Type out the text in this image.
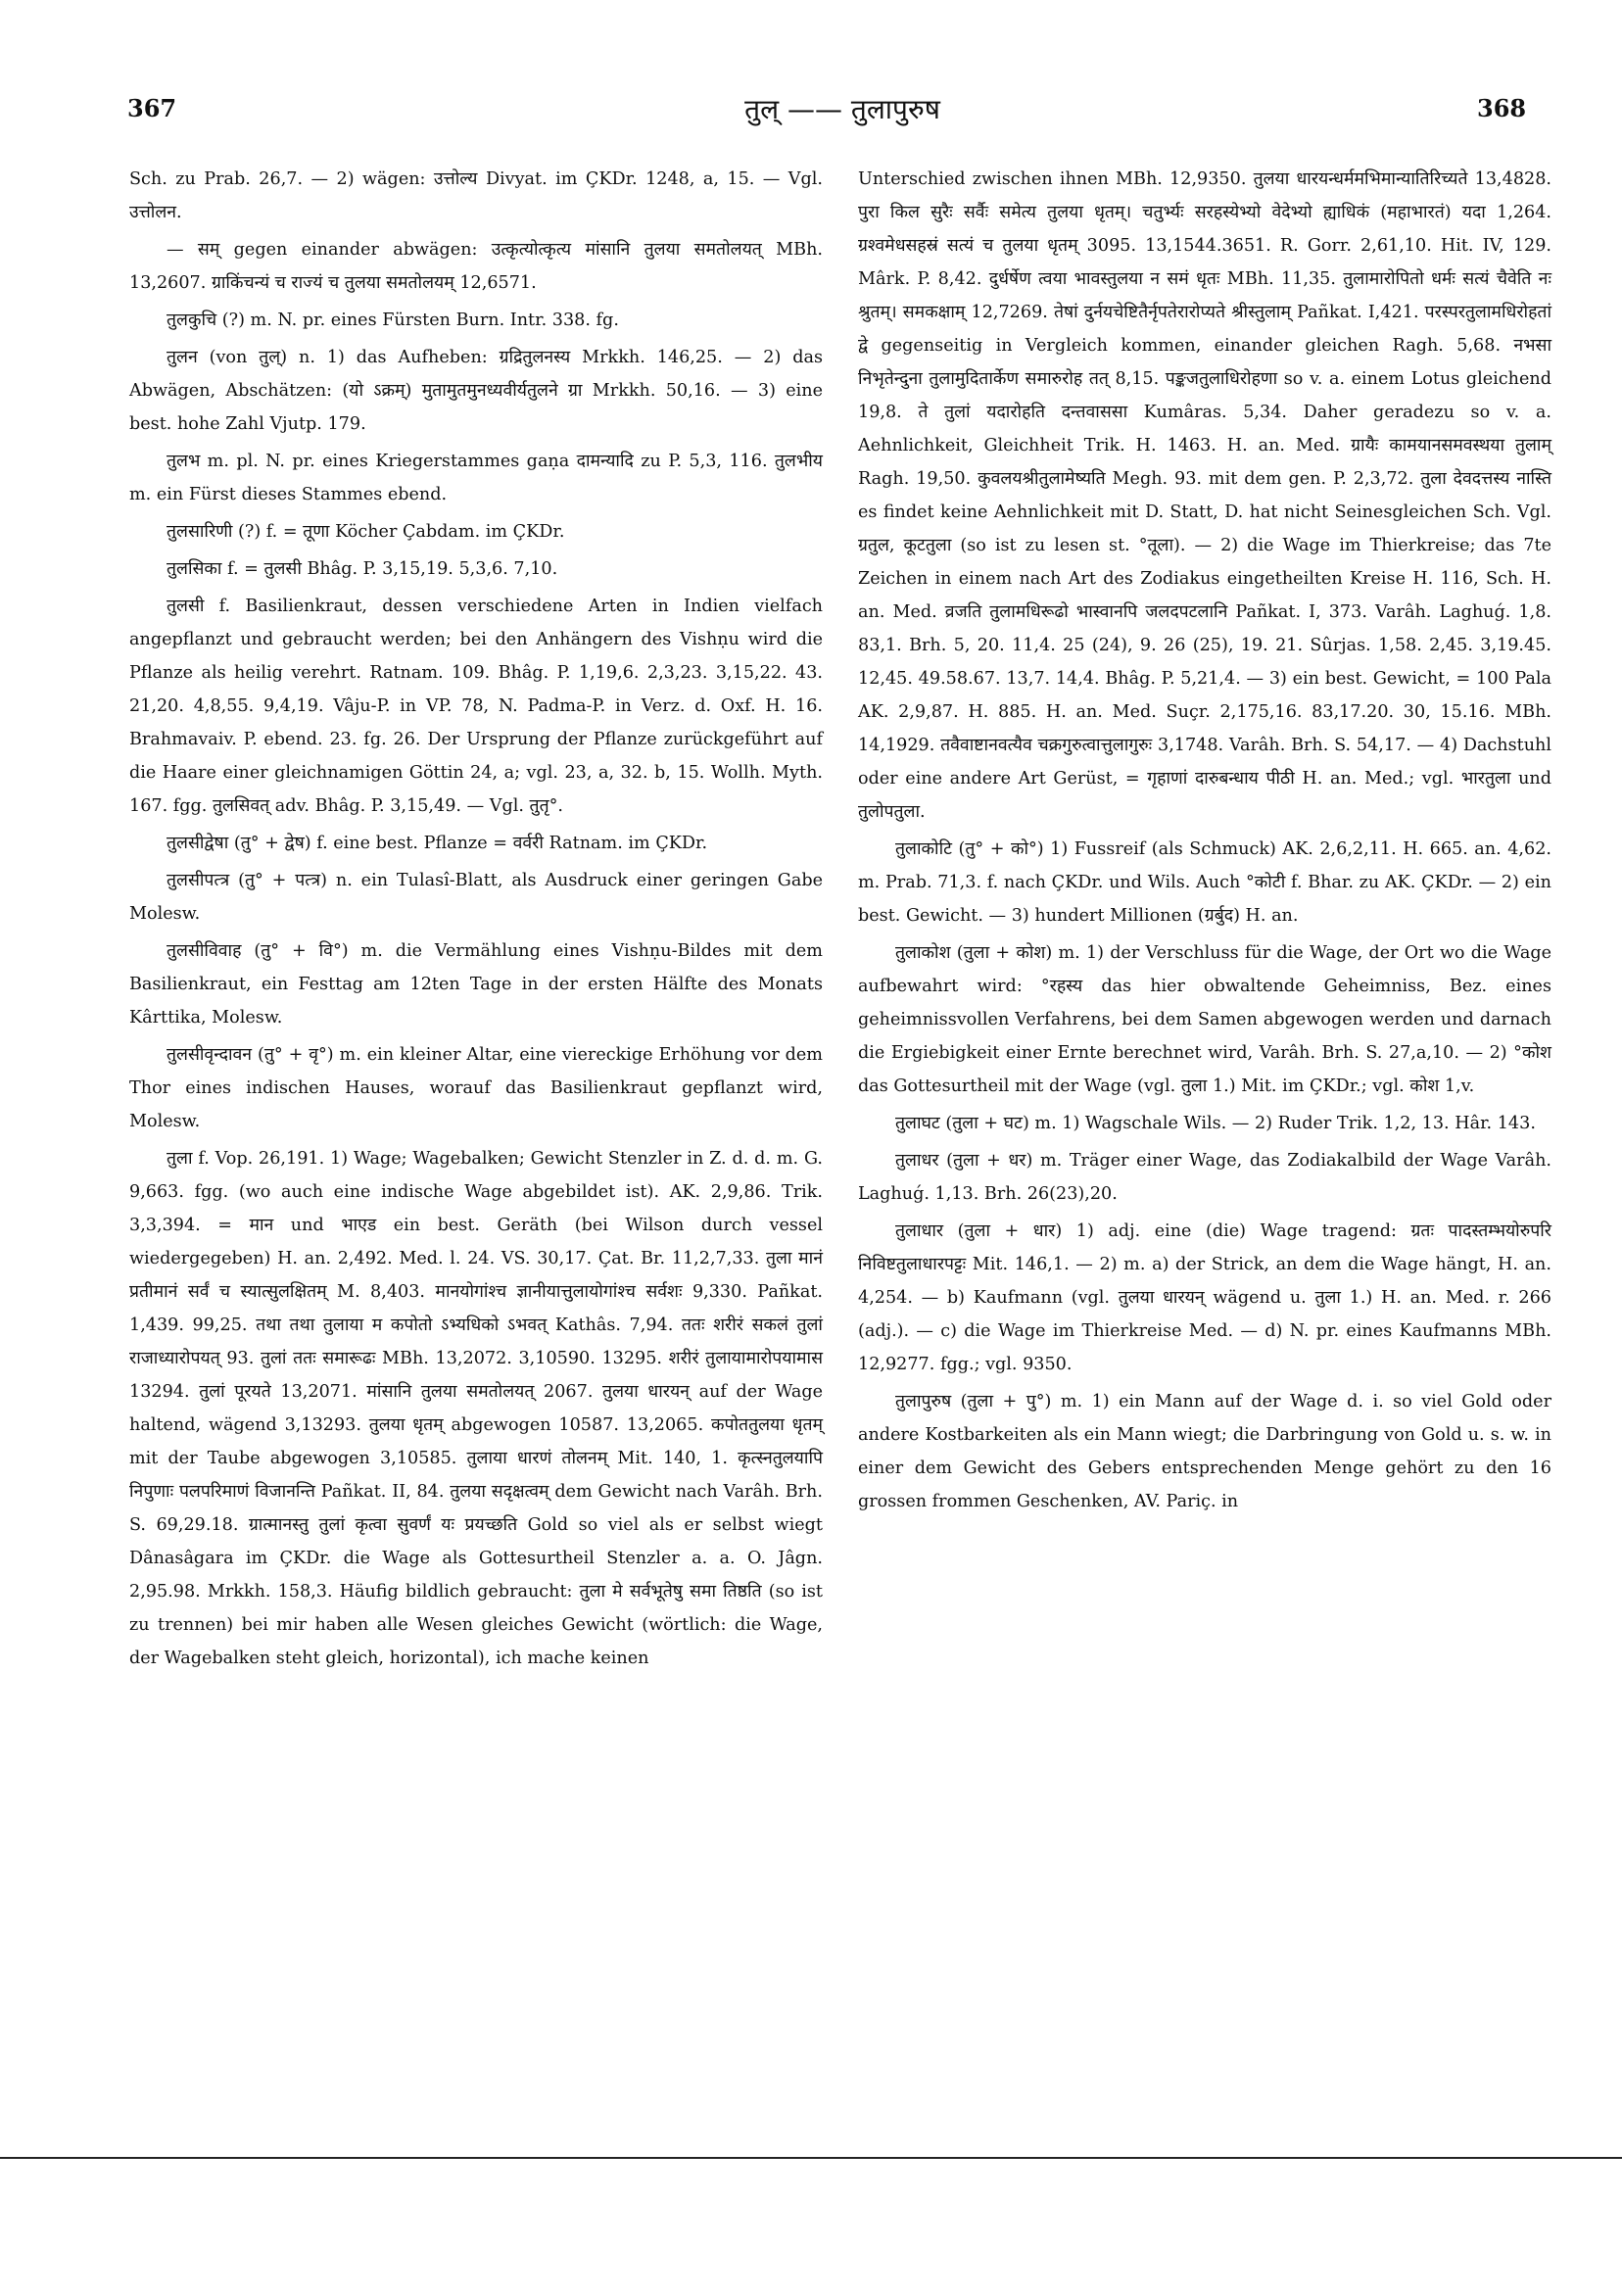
367	तुल् —— तुलापुरुष	368

Sch. zu Prab. 26,7. — 2) wägen: उत्तोल्य Divyat. im ÇKDr. 1248, a, 15. — Vgl. उत्तोलन.

— सम् gegen einander abwägen: उत्कृत्योत्कृत्य मांसानि तुलया समतोलयत् MBh. 13,2607. ग्राकिंचन्यं च राज्यं च तुलया समतोलयम् 12,6571.

तुलकुचि (?) m. N. pr. eines Fürsten Burn. Intr. 338. fg.

तुलन (von तुल्) n. 1) das Aufheben: ग्रद्रितुलनस्य Mrkkh. 146,25. — 2) das Abwägen, Abschätzen: (यो ऽक्रम्) मुतामुतमुनध्यवीर्यतुलने ग्रा Mrkkh. 50,16. — 3) eine best. hohe Zahl Vjutp. 179.

तुलभ m. pl. N. pr. eines Kriegerstammes gaṇa दामन्यादि zu P. 5,3, 116. तुलभीय m. ein Fürst dieses Stammes ebend.

तुलसारिणी (?) f. = तूणा Köcher Çabdam. im ÇKDr.

तुलसिका f. = तुलसी Bhâg. P. 3,15,19. 5,3,6. 7,10.

तुलसी f. Basilienkraut, dessen verschiedene Arten in Indien vielfach angepflanzt und gebraucht werden; bei den Anhängern des Vishṇu wird die Pflanze als heilig verehrt. Ratnam. 109. Bhâg. P. 1,19,6. 2,3,23. 3,15,22. 43. 21,20. 4,8,55. 9,4,19. Vâju-P. in VP. 78, N. Padma-P. in Verz. d. Oxf. H. 16. Brahmavaiv. P. ebend. 23. fg. 26. Der Ursprung der Pflanze zurückgeführt auf die Haare einer gleichnamigen Göttin 24, a; vgl. 23, a, 32. b, 15. Wollh. Myth. 167. fgg. तुलसिवत् adv. Bhâg. P. 3,15,49. — Vgl. तुतृ°.

तुलसीद्वेषा (तु° + द्वेष) f. eine best. Pflanze = वर्वरी Ratnam. im ÇKDr.

तुलसीपत्त्र (तु° + पत्त्र) n. ein Tulasî-Blatt, als Ausdruck einer geringen Gabe Molesw.

तुलसीविवाह (तु° + वि°) m. die Vermählung eines Vishṇu-Bildes mit dem Basilienkraut, ein Festtag am 12ten Tage in der ersten Hälfte des Monats Kârttika, Molesw.

तुलसीवृन्दावन (तु° + वृ°) m. ein kleiner Altar, eine viereckige Erhöhung vor dem Thor eines indischen Hauses, worauf das Basilienkraut gepflanzt wird, Molesw.

तुला f. Vop. 26,191. 1) Wage; Wagebalken; Gewicht Stenzler in Z. d. d. m. G. 9,663. fgg. (wo auch eine indische Wage abgebildet ist). AK. 2,9,86. Trik. 3,3,394. = मान und भाएड ein best. Geräth (bei Wilson durch vessel wiedergegeben) H. an. 2,492. Med. l. 24. VS. 30,17. Çat. Br. 11,2,7,33. तुला मानं प्रतीमानं सर्वं च स्यात्सुलक्षितम् M. 8,403. मानयोगांश्च ज्ञानीयात्तुलायोगांश्च सर्वशः 9,330. Pañkat. 1,439. 99,25. तथा तथा तुलाया म कपोतो ऽभ्यधिको ऽभवत् Kathâs. 7,94. ततः शरीरं सकलं तुलां राजाध्यारोपयत् 93. तुलां ततः समारूढः MBh. 13,2072. 3,10590. 13295. शरीरं तुलायामारोपयामास 13294. तुलां पूरयते 13,2071. मांसानि तुलया समतोलयत् 2067. तुलया धारयन् auf der Wage haltend, wägend 3,13293. तुलया धृतम् abgewogen 10587. 13,2065. कपोततुलया धृतम् mit der Taube abgewogen 3,10585. तुलाया धारणं तोलनम् Mit. 140, 1. कृत्स्नतुलयापि निपुणाः पलपरिमाणं विजानन्ति Pañkat. II, 84. तुलया सदृक्षत्वम् dem Gewicht nach Varâh. Brh. S. 69,29.18. ग्रात्मानस्तु तुलां कृत्वा सुवर्णं यः प्रयच्छति Gold so viel als er selbst wiegt Dânasâgara im ÇKDr. die Wage als Gottesurtheil Stenzler a. a. O. Jâgn. 2,95.98. Mrkkh. 158,3. Häufig bildlich gebraucht: तुला मे सर्वभूतेषु समा तिष्ठति (so ist zu trennen) bei mir haben alle Wesen gleiches Gewicht (wörtlich: die Wage, der Wagebalken steht gleich, horizontal), ich mache keinen

Unterschied zwischen ihnen MBh. 12,9350. तुलया धारयन्धर्ममभिमान्यातिरिच्यते 13,4828. पुरा किल सुरैः सर्वैः समेत्य तुलया धृतम्। चतुर्भ्यः सरहस्येभ्यो वेदेभ्यो ह्याधिकं (महाभारतं) यदा 1,264. ग्रश्वमेधसहस्रं सत्यं च तुलया धृतम् 3095. 13,1544.3651. R. Gorr. 2,61,10. Hit. IV, 129. Mârk. P. 8,42. दुर्धर्षेण त्वया भावस्तुलया न समं धृतः MBh. 11,35. तुलामारोपितो धर्मः सत्यं चैवेति नः श्रुतम्। समकक्षाम् 12,7269. तेषां दुर्नयचेष्टितैर्नृपतेरारोप्यते श्रीस्तुलाम् Pañkat. I,421. परस्परतुलामधिरोहतां द्वे gegenseitig in Vergleich kommen, einander gleichen Ragh. 5,68. नभसा निभृतेन्दुना तुलामुदितार्केण समारुरोह तत् 8,15. पङ्कजतुलाधिरोहणा so v. a. einem Lotus gleichend 19,8. ते तुलां यदारोहति दन्तवाससा Kumâras. 5,34. Daher geradezu so v. a. Aehnlichkeit, Gleichheit Trik. H. 1463. H. an. Med. ग्रायैः कामयानसमवस्थया तुलाम् Ragh. 19,50. कुवलयश्रीतुलामेष्यति Megh. 93. mit dem gen. P. 2,3,72. तुला देवदत्तस्य नास्ति es findet keine Aehnlichkeit mit D. Statt, D. hat nicht Seinesgleichen Sch. Vgl. ग्रतुल, कूटतुला (so ist zu lesen st. °तूला). — 2) die Wage im Thierkreise; das 7te Zeichen in einem nach Art des Zodiakus eingetheilten Kreise H. 116, Sch. H. an. Med. व्रजति तुलामधिरूढो भास्वानपि जलदपटलानि Pañkat. I, 373. Varâh. Laghuǵ. 1,8. 83,1. Brh. 5, 20. 11,4. 25 (24), 9. 26 (25), 19. 21. Sûrjas. 1,58. 2,45. 3,19.45. 12,45. 49.58.67. 13,7. 14,4. Bhâg. P. 5,21,4. — 3) ein best. Gewicht, = 100 Pala AK. 2,9,87. H. 885. H. an. Med. Suçr. 2,175,16. 83,17.20. 30, 15.16. MBh. 14,1929. तवैवाष्टानवत्यैव चक्रगुरुत्वात्तुलागुरुः 3,1748. Varâh. Brh. S. 54,17. — 4) Dachstuhl oder eine andere Art Gerüst, = गृहाणां दारुबन्धाय पीठी H. an. Med.; vgl. भारतुला und तुलोपतुला.

तुलाकोटि (तु° + को°) 1) Fussreif (als Schmuck) AK. 2,6,2,11. H. 665. an. 4,62. m. Prab. 71,3. f. nach ÇKDr. und Wils. Auch °कोटी f. Bhar. zu AK. ÇKDr. — 2) ein best. Gewicht. — 3) hundert Millionen (ग्रर्बुद) H. an.

तुलाकोश (तुला + कोश) m. 1) der Verschluss für die Wage, der Ort wo die Wage aufbewahrt wird: °रहस्य das hier obwaltende Geheimniss, Bez. eines geheimnissvollen Verfahrens, bei dem Samen abgewogen werden und darnach die Ergiebigkeit einer Ernte berechnet wird, Varâh. Brh. S. 27,a,10. — 2) °कोश das Gottesurtheil mit der Wage (vgl. तुला 1.) Mit. im ÇKDr.; vgl. कोश 1,v.

तुलाघट (तुला + घट) m. 1) Wagschale Wils. — 2) Ruder Trik. 1,2, 13. Hâr. 143.

तुलाधर (तुला + धर) m. Träger einer Wage, das Zodiakalbild der Wage Varâh. Laghuǵ. 1,13. Brh. 26(23),20.

तुलाधार (तुला + धार) 1) adj. eine (die) Wage tragend: ग्रतः पादस्तम्भयोरुपरि निविष्टतुलाधारपट्टः Mit. 146,1. — 2) m. a) der Strick, an dem die Wage hängt, H. an. 4,254. — b) Kaufmann (vgl. तुलया धारयन् wägend u. तुला 1.) H. an. Med. r. 266 (adj.). — c) die Wage im Thierkreise Med. — d) N. pr. eines Kaufmanns MBh. 12,9277. fgg.; vgl. 9350.

तुलापुरुष (तुला + पु°) m. 1) ein Mann auf der Wage d. i. so viel Gold oder andere Kostbarkeiten als ein Mann wiegt; die Darbringung von Gold u. s. w. in einer dem Gewicht des Gebers entsprechenden Menge gehört zu den 16 grossen frommen Geschenken, AV. Pariç. in
